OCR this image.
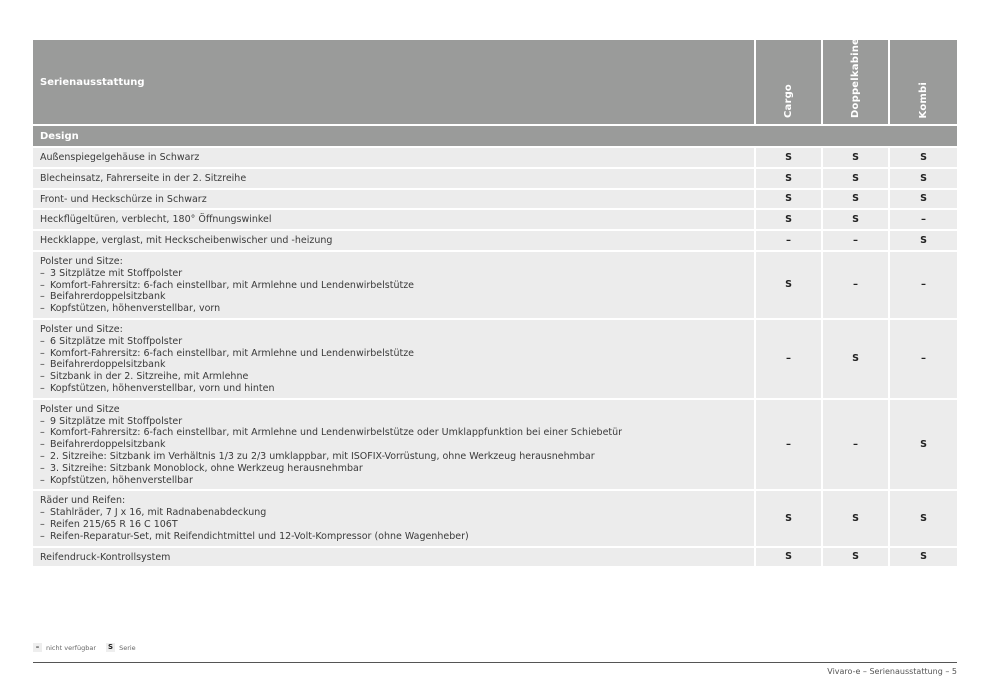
Serienausstattung
Cargo	Doppelkabine	Kombi
Design
Außenspiegelgehäuse in Schwarz	S	S	S
Blecheinsatz, Fahrerseite in der 2. Sitzreihe	S	S	S
Front- und Heckschürze in Schwarz	S	S	S
Heckflügeltüren, verblecht, 180° Öffnungswinkel	S	S	–
Heckklappe, verglast, mit Heckscheibenwischer und -heizung	–	–	S
Polster und Sitze:
– 3 Sitzplätze mit Stoffpolster
– Komfort-Fahrersitz: 6-fach einstellbar, mit Armlehne und Lendenwirbelstütze
– Beifahrerdoppelsitzbank
– Kopfstützen, höhenverstellbar, vorn
S	–	–
Polster und Sitze:
– 6 Sitzplätze mit Stoffpolster
– Komfort-Fahrersitz: 6-fach einstellbar, mit Armlehne und Lendenwirbelstütze
– Beifahrerdoppelsitzbank
– Sitzbank in der 2. Sitzreihe, mit Armlehne
– Kopfstützen, höhenverstellbar, vorn und hinten
–	S	–
Polster und Sitze
– 9 Sitzplätze mit Stoffpolster
– Komfort-Fahrersitz: 6-fach einstellbar, mit Armlehne und Lendenwirbelstütze oder Umklappfunktion bei einer Schiebetür
– Beifahrerdoppelsitzbank
– 2. Sitzreihe: Sitzbank im Verhältnis 1/3 zu 2/3 umklappbar, mit ISOFIX-Vorrüstung, ohne Werkzeug herausnehmbar
– 3. Sitzreihe: Sitzbank Monoblock, ohne Werkzeug herausnehmbar
– Kopfstützen, höhenverstellbar
–	–	S
Räder und Reifen:
– Stahlräder, 7 J x 16, mit Radnabenabdeckung
– Reifen 215/65 R 16 C 106T
– Reifen-Reparatur-Set, mit Reifendichtmittel und 12-Volt-Kompressor (ohne Wagenheber)
S	S	S
Reifendruck-Kontrollsystem	S	S	S
–	nicht verfügbar S Serie
Vivaro-e – Serienausstattung – 5
